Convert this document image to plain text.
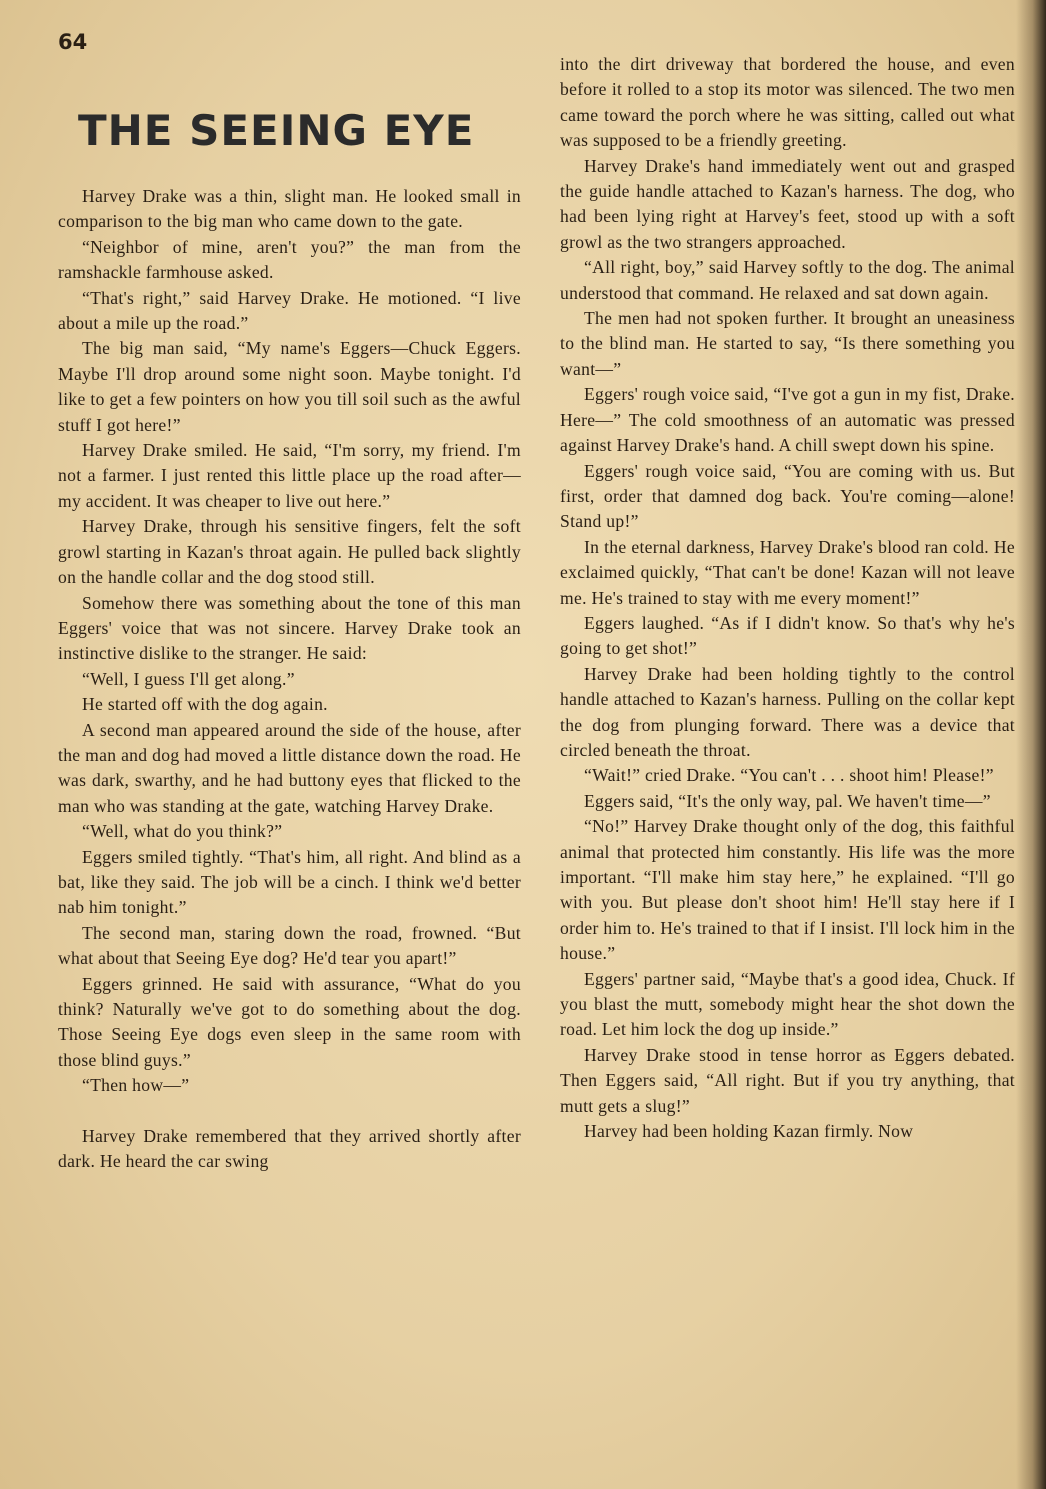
64
THE SEEING EYE

Harvey Drake was a thin, slight man. He looked small in comparison to the big man who came down to the gate.

“Neighbor of mine, aren't you?” the man from the ramshackle farmhouse asked.

“That's right,” said Harvey Drake. He motioned. “I live about a mile up the road.”

The big man said, “My name's Eggers—Chuck Eggers. Maybe I'll drop around some night soon. Maybe tonight. I'd like to get a few pointers on how you till soil such as the awful stuff I got here!”

Harvey Drake smiled. He said, “I'm sorry, my friend. I'm not a farmer. I just rented this little place up the road after—my accident. It was cheaper to live out here.”

Harvey Drake, through his sensitive fingers, felt the soft growl starting in Kazan's throat again. He pulled back slightly on the handle collar and the dog stood still.

Somehow there was something about the tone of this man Eggers' voice that was not sincere. Harvey Drake took an instinctive dislike to the stranger. He said:

“Well, I guess I'll get along.”

He started off with the dog again.

A second man appeared around the side of the house, after the man and dog had moved a little distance down the road. He was dark, swarthy, and he had buttony eyes that flicked to the man who was standing at the gate, watching Harvey Drake.

“Well, what do you think?”

Eggers smiled tightly. “That's him, all right. And blind as a bat, like they said. The job will be a cinch. I think we'd better nab him tonight.”

The second man, staring down the road, frowned. “But what about that Seeing Eye dog? He'd tear you apart!”

Eggers grinned. He said with assurance, “What do you think? Naturally we've got to do something about the dog. Those Seeing Eye dogs even sleep in the same room with those blind guys.”

“Then how—”

Harvey Drake remembered that they arrived shortly after dark. He heard the car swing

into the dirt driveway that bordered the house, and even before it rolled to a stop its motor was silenced. The two men came toward the porch where he was sitting, called out what was supposed to be a friendly greeting.

Harvey Drake's hand immediately went out and grasped the guide handle attached to Kazan's harness. The dog, who had been lying right at Harvey's feet, stood up with a soft growl as the two strangers approached.

“All right, boy,” said Harvey softly to the dog. The animal understood that command. He relaxed and sat down again.

The men had not spoken further. It brought an uneasiness to the blind man. He started to say, “Is there something you want—”

Eggers' rough voice said, “I've got a gun in my fist, Drake. Here—” The cold smoothness of an automatic was pressed against Harvey Drake's hand. A chill swept down his spine.

Eggers' rough voice said, “You are coming with us. But first, order that damned dog back. You're coming—alone! Stand up!”

In the eternal darkness, Harvey Drake's blood ran cold. He exclaimed quickly, “That can't be done! Kazan will not leave me. He's trained to stay with me every moment!”

Eggers laughed. “As if I didn't know. So that's why he's going to get shot!”

Harvey Drake had been holding tightly to the control handle attached to Kazan's harness. Pulling on the collar kept the dog from plunging forward. There was a device that circled beneath the throat.

“Wait!” cried Drake. “You can't . . . shoot him! Please!”

Eggers said, “It's the only way, pal. We haven't time—”

“No!” Harvey Drake thought only of the dog, this faithful animal that protected him constantly. His life was the more important. “I'll make him stay here,” he explained. “I'll go with you. But please don't shoot him! He'll stay here if I order him to. He's trained to that if I insist. I'll lock him in the house.”

Eggers' partner said, “Maybe that's a good idea, Chuck. If you blast the mutt, somebody might hear the shot down the road. Let him lock the dog up inside.”

Harvey Drake stood in tense horror as Eggers debated. Then Eggers said, “All right. But if you try anything, that mutt gets a slug!”

Harvey had been holding Kazan firmly. Now
